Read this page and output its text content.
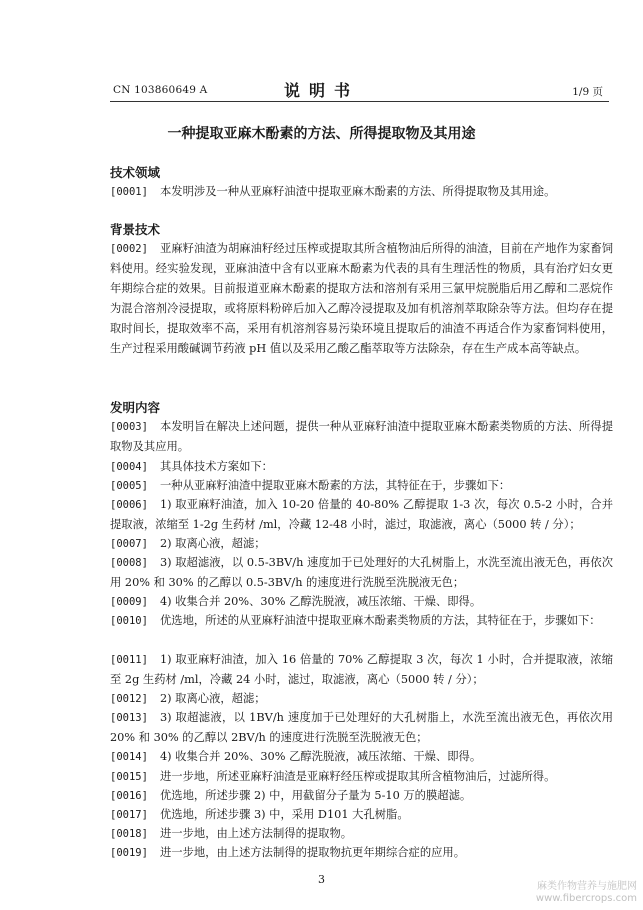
CN 103860649 A	说明书	1/9 页
一种提取亚麻木酚素的方法、所得提取物及其用途
技术领域
[0001] 本发明涉及一种从亚麻籽油渣中提取亚麻木酚素的方法、所得提取物及其用途。
背景技术
[0002] 亚麻籽油渣为胡麻油籽经过压榨或提取其所含植物油后所得的油渣，目前在产地作为家畜饲料使用。经实验发现，亚麻油渣中含有以亚麻木酚素为代表的具有生理活性的物质，具有治疗妇女更年期综合症的效果。目前报道亚麻木酚素的提取方法和溶剂有采用三氯甲烷脱脂后用乙醇和二恶烷作为混合溶剂冷浸提取，或将原料粉碎后加入乙醇冷浸提取及加有机溶剂萃取除杂等方法。但均存在提取时间长，提取效率不高，采用有机溶剂容易污染环境且提取后的油渣不再适合作为家畜饲料使用，生产过程采用酸碱调节药液 pH 值以及采用乙酸乙酯萃取等方法除杂，存在生产成本高等缺点。
发明内容
[0003] 本发明旨在解决上述问题，提供一种从亚麻籽油渣中提取亚麻木酚素类物质的方法、所得提取物及其应用。
[0004] 其具体技术方案如下：
[0005] 一种从亚麻籽油渣中提取亚麻木酚素的方法，其特征在于，步骤如下：
[0006] 1) 取亚麻籽油渣，加入 10-20 倍量的 40-80% 乙醇提取 1-3 次，每次 0.5-2 小时，合并提取液，浓缩至 1-2g 生药材 /ml，冷藏 12-48 小时，滤过，取滤液，离心（5000 转 / 分）；
[0007] 2) 取离心液，超滤；
[0008] 3) 取超滤液，以 0.5-3BV/h 速度加于已处理好的大孔树脂上，水洗至流出液无色，再依次用 20% 和 30% 的乙醇以 0.5-3BV/h 的速度进行洗脱至洗脱液无色；
[0009] 4) 收集合并 20%、30% 乙醇洗脱液，减压浓缩、干燥、即得。
[0010] 优选地，所述的从亚麻籽油渣中提取亚麻木酚素类物质的方法，其特征在于，步骤如下：
[0011] 1) 取亚麻籽油渣，加入 16 倍量的 70% 乙醇提取 3 次，每次 1 小时，合并提取液，浓缩至 2g 生药材 /ml，冷藏 24 小时，滤过，取滤液，离心（5000 转 / 分）；
[0012] 2) 取离心液，超滤；
[0013] 3) 取超滤液，以 1BV/h 速度加于已处理好的大孔树脂上，水洗至流出液无色，再依次用 20% 和 30% 的乙醇以 2BV/h 的速度进行洗脱至洗脱液无色；
[0014] 4) 收集合并 20%、30% 乙醇洗脱液，减压浓缩、干燥、即得。
[0015] 进一步地，所述亚麻籽油渣是亚麻籽经压榨或提取其所含植物油后，过滤所得。
[0016] 优选地，所述步骤 2) 中，用截留分子量为 5-10 万的膜超滤。
[0017] 优选地，所述步骤 3) 中，采用 D101 大孔树脂。
[0018] 进一步地，由上述方法制得的提取物。
[0019] 进一步地，由上述方法制得的提取物抗更年期综合症的应用。
3
麻类作物营养与施肥网
www.fibercrops.com
